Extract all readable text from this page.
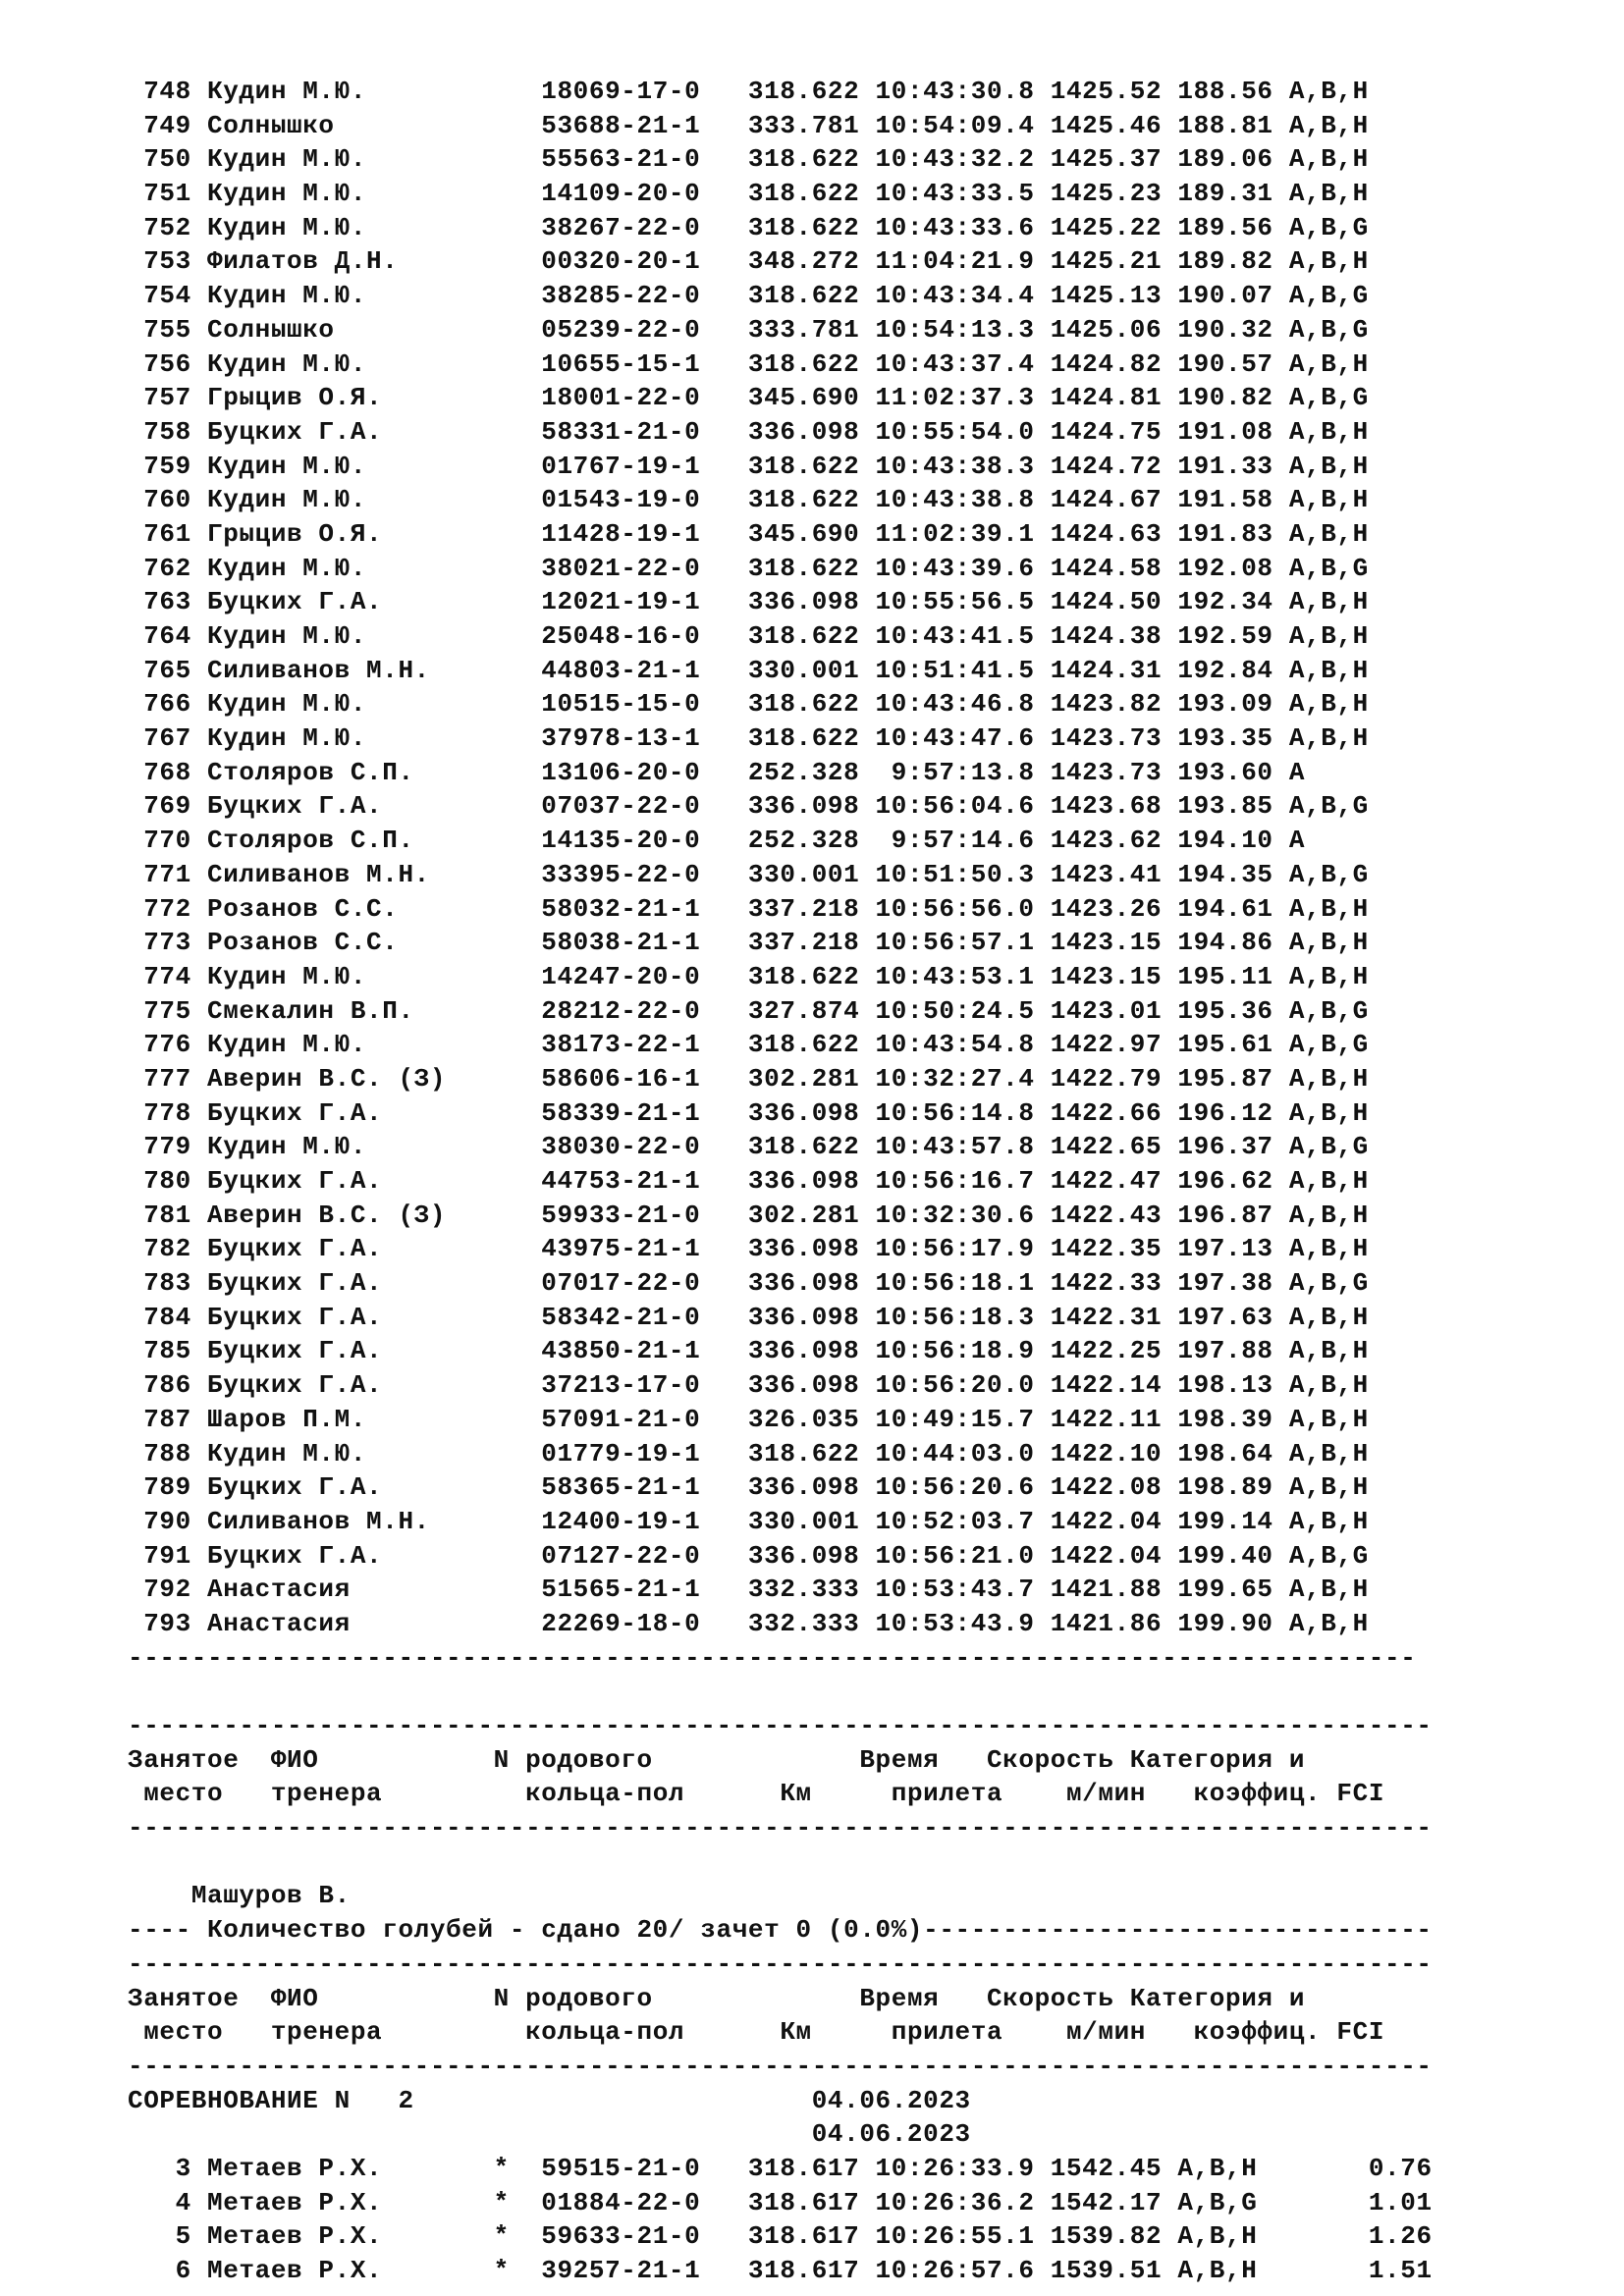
748 Кудин М.Ю.	18069-17-0 318.622 10:43:30.8 1425.52 188.56 A,B,H
749 Солнышко	53688-21-1 333.781 10:54:09.4 1425.46 188.81 A,B,H
750 Кудин М.Ю.	55563-21-0 318.622 10:43:32.2 1425.37 189.06 A,B,H
751 Кудин М.Ю.	14109-20-0 318.622 10:43:33.5 1425.23 189.31 A,B,H
752 Кудин М.Ю.	38267-22-0 318.622 10:43:33.6 1425.22 189.56 A,B,G
753 Филатов Д.Н.	00320-20-1 348.272 11:04:21.9 1425.21 189.82 A,B,H
754 Кудин М.Ю.	38285-22-0 318.622 10:43:34.4 1425.13 190.07 A,B,G
755 Солнышко	05239-22-0 333.781 10:54:13.3 1425.06 190.32 A,B,G
756 Кудин М.Ю.	10655-15-1 318.622 10:43:37.4 1424.82 190.57 A,B,H
757 Грыцив О.Я.	18001-22-0 345.690 11:02:37.3 1424.81 190.82 A,B,G
758 Буцких Г.А.	58331-21-0 336.098 10:55:54.0 1424.75 191.08 A,B,H
759 Кудин М.Ю.	01767-19-1 318.622 10:43:38.3 1424.72 191.33 A,B,H
760 Кудин М.Ю.	01543-19-0 318.622 10:43:38.8 1424.67 191.58 A,B,H
761 Грыцив О.Я.	11428-19-1 345.690 11:02:39.1 1424.63 191.83 A,B,H
762 Кудин М.Ю.	38021-22-0 318.622 10:43:39.6 1424.58 192.08 A,B,G
763 Буцких Г.А.	12021-19-1 336.098 10:55:56.5 1424.50 192.34 A,B,H
764 Кудин М.Ю.	25048-16-0 318.622 10:43:41.5 1424.38 192.59 A,B,H
765 Силиванов М.Н.	44803-21-1 330.001 10:51:41.5 1424.31 192.84 A,B,H
766 Кудин М.Ю.	10515-15-0 318.622 10:43:46.8 1423.82 193.09 A,B,H
767 Кудин М.Ю.	37978-13-1 318.622 10:43:47.6 1423.73 193.35 A,B,H
768 Столяров С.П.	13106-20-0 252.328 9:57:13.8 1423.73 193.60 A
769 Буцких Г.А.	07037-22-0 336.098 10:56:04.6 1423.68 193.85 A,B,G
770 Столяров С.П.	14135-20-0 252.328 9:57:14.6 1423.62 194.10 A
771 Силиванов М.Н.	33395-22-0 330.001 10:51:50.3 1423.41 194.35 A,B,G
772 Розанов С.С.	58032-21-1 337.218 10:56:56.0 1423.26 194.61 A,B,H
773 Розанов С.С.	58038-21-1 337.218 10:56:57.1 1423.15 194.86 A,B,H
774 Кудин М.Ю.	14247-20-0 318.622 10:43:53.1 1423.15 195.11 A,B,H
775 Смекалин В.П.	28212-22-0 327.874 10:50:24.5 1423.01 195.36 A,B,G
776 Кудин М.Ю.	38173-22-1 318.622 10:43:54.8 1422.97 195.61 A,B,G
777 Аверин В.С. (З)	58606-16-1 302.281 10:32:27.4 1422.79 195.87 A,B,H
778 Буцких Г.А.	58339-21-1 336.098 10:56:14.8 1422.66 196.12 A,B,H
779 Кудин М.Ю.	38030-22-0 318.622 10:43:57.8 1422.65 196.37 A,B,G
780 Буцких Г.А.	44753-21-1 336.098 10:56:16.7 1422.47 196.62 A,B,H
781 Аверин В.С. (З)	59933-21-0 302.281 10:32:30.6 1422.43 196.87 A,B,H
782 Буцких Г.А.	43975-21-1 336.098 10:56:17.9 1422.35 197.13 A,B,H
783 Буцких Г.А.	07017-22-0 336.098 10:56:18.1 1422.33 197.38 A,B,G
784 Буцких Г.А.	58342-21-0 336.098 10:56:18.3 1422.31 197.63 A,B,H
785 Буцких Г.А.	43850-21-1 336.098 10:56:18.9 1422.25 197.88 A,B,H
786 Буцких Г.А.	37213-17-0 336.098 10:56:20.0 1422.14 198.13 A,B,H
787 Шаров П.М.	57091-21-0 326.035 10:49:15.7 1422.11 198.39 A,B,H
788 Кудин М.Ю.	01779-19-1 318.622 10:44:03.0 1422.10 198.64 A,B,H
789 Буцких Г.А.	58365-21-1 336.098 10:56:20.6 1422.08 198.89 A,B,H
790 Силиванов М.Н.	12400-19-1 330.001 10:52:03.7 1422.04 199.14 A,B,H
791 Буцких Г.А.	07127-22-0 336.098 10:56:21.0 1422.04 199.40 A,B,G
792 Анастасия	51565-21-1 332.333 10:53:43.7 1421.88 199.65 A,B,H
793 Анастасия	22269-18-0 332.333 10:53:43.9 1421.86 199.90 A,B,H
---------------------------------------------------------------------------------

----------------------------------------------------------------------------------
Занятое ФИО	N родового	Время Скорость Категория и
место тренера	кольца-пол	Км	прилета м/мин коэффиц. FCI
----------------------------------------------------------------------------------

Машуров В.
---- Количество голубей - сдано 20/ зачет 0 (0.0%)--------------------------------
----------------------------------------------------------------------------------
Занятое ФИО	N родового	Время Скорость Категория и
место тренера	кольца-пол	Км	прилета м/мин коэффиц. FCI
----------------------------------------------------------------------------------
СОРЕВНОВАНИЕ N   2	04.06.2023
04.06.2023
3 Метаев Р.Х.	* 59515-21-0 318.617 10:26:33.9 1542.45 A,B,H	0.76
4 Метаев Р.Х.	* 01884-22-0 318.617 10:26:36.2 1542.17 A,B,G	1.01
5 Метаев Р.Х.	* 59633-21-0 318.617 10:26:55.1 1539.82 A,B,H	1.26
6 Метаев Р.Х.	* 39257-21-1 318.617 10:26:57.6 1539.51 A,B,H	1.51
